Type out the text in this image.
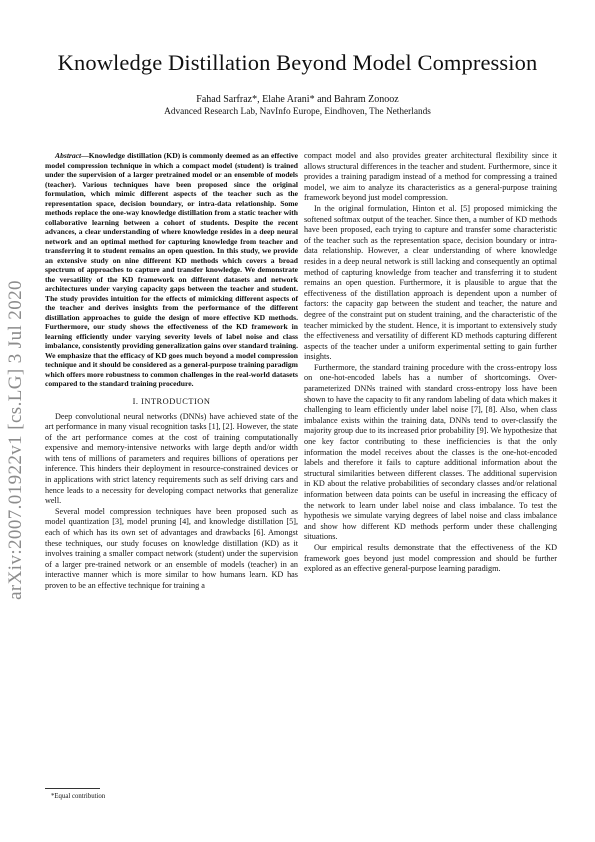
arXiv:2007.01922v1 [cs.LG] 3 Jul 2020
Knowledge Distillation Beyond Model Compression
Fahad Sarfraz*, Elahe Arani* and Bahram Zonooz
Advanced Research Lab, NavInfo Europe, Eindhoven, The Netherlands

Abstract—Knowledge distillation (KD) is commonly deemed as an effective model compression technique in which a compact model (student) is trained under the supervision of a larger pretrained model or an ensemble of models (teacher). Various techniques have been proposed since the original formulation, which mimic different aspects of the teacher such as the representation space, decision boundary, or intra-data relationship. Some methods replace the one-way knowledge distillation from a static teacher with collaborative learning between a cohort of students. Despite the recent advances, a clear understanding of where knowledge resides in a deep neural network and an optimal method for capturing knowledge from teacher and transferring it to student remains an open question. In this study, we provide an extensive study on nine different KD methods which covers a broad spectrum of approaches to capture and transfer knowledge. We demonstrate the versatility of the KD framework on different datasets and network architectures under varying capacity gaps between the teacher and student. The study provides intuition for the effects of mimicking different aspects of the teacher and derives insights from the performance of the different distillation approaches to guide the design of more effective KD methods. Furthermore, our study shows the effectiveness of the KD framework in learning efficiently under varying severity levels of label noise and class imbalance, consistently providing generalization gains over standard training. We emphasize that the efficacy of KD goes much beyond a model compression technique and it should be considered as a general-purpose training paradigm which offers more robustness to common challenges in the real-world datasets compared to the standard training procedure.

I. INTRODUCTION

Deep convolutional neural networks (DNNs) have achieved state of the art performance in many visual recognition tasks [1], [2]. However, the state of the art performance comes at the cost of training computationally expensive and memory-intensive networks with large depth and/or width with tens of millions of parameters and requires billions of operations per inference. This hinders their deployment in resource-constrained devices or in applications with strict latency requirements such as self driving cars and hence leads to a necessity for developing compact networks that generalize well.

Several model compression techniques have been proposed such as model quantization [3], model pruning [4], and knowledge distillation [5], each of which has its own set of advantages and drawbacks [6]. Amongst these techniques, our study focuses on knowledge distillation (KD) as it involves training a smaller compact network (student) under the supervision of a larger pre-trained network or an ensemble of models (teacher) in an interactive manner which is more similar to how humans learn. KD has proven to be an effective technique for training a

compact model and also provides greater architectural flexibility since it allows structural differences in the teacher and student. Furthermore, since it provides a training paradigm instead of a method for compressing a trained model, we aim to analyze its characteristics as a general-purpose training framework beyond just model compression.

In the original formulation, Hinton et al. [5] proposed mimicking the softened softmax output of the teacher. Since then, a number of KD methods have been proposed, each trying to capture and transfer some characteristic of the teacher such as the representation space, decision boundary or intra-data relationship. However, a clear understanding of where knowledge resides in a deep neural network is still lacking and consequently an optimal method of capturing knowledge from teacher and transferring it to student remains an open question. Furthermore, it is plausible to argue that the effectiveness of the distillation approach is dependent upon a number of factors: the capacity gap between the student and teacher, the nature and degree of the constraint put on student training, and the characteristic of the teacher mimicked by the student. Hence, it is important to extensively study the effectiveness and versatility of different KD methods capturing different aspects of the teacher under a uniform experimental setting to gain further insights.

Furthermore, the standard training procedure with the cross-entropy loss on one-hot-encoded labels has a number of shortcomings. Over-parameterized DNNs trained with standard cross-entropy loss have been shown to have the capacity to fit any random labeling of data which makes it challenging to learn efficiently under label noise [7], [8]. Also, when class imbalance exists within the training data, DNNs tend to over-classify the majority group due to its increased prior probability [9]. We hypothesize that one key factor contributing to these inefficiencies is that the only information the model receives about the classes is the one-hot-encoded labels and therefore it fails to capture additional information about the structural similarities between different classes. The additional supervision in KD about the relative probabilities of secondary classes and/or relational information between data points can be useful in increasing the efficacy of the network to learn under label noise and class imbalance. To test the hypothesis we simulate varying degrees of label noise and class imbalance and show how different KD methods perform under these challenging situations.

Our empirical results demonstrate that the effectiveness of the KD framework goes beyond just model compression and should be further explored as an effective general-purpose learning paradigm.

*Equal contribution
